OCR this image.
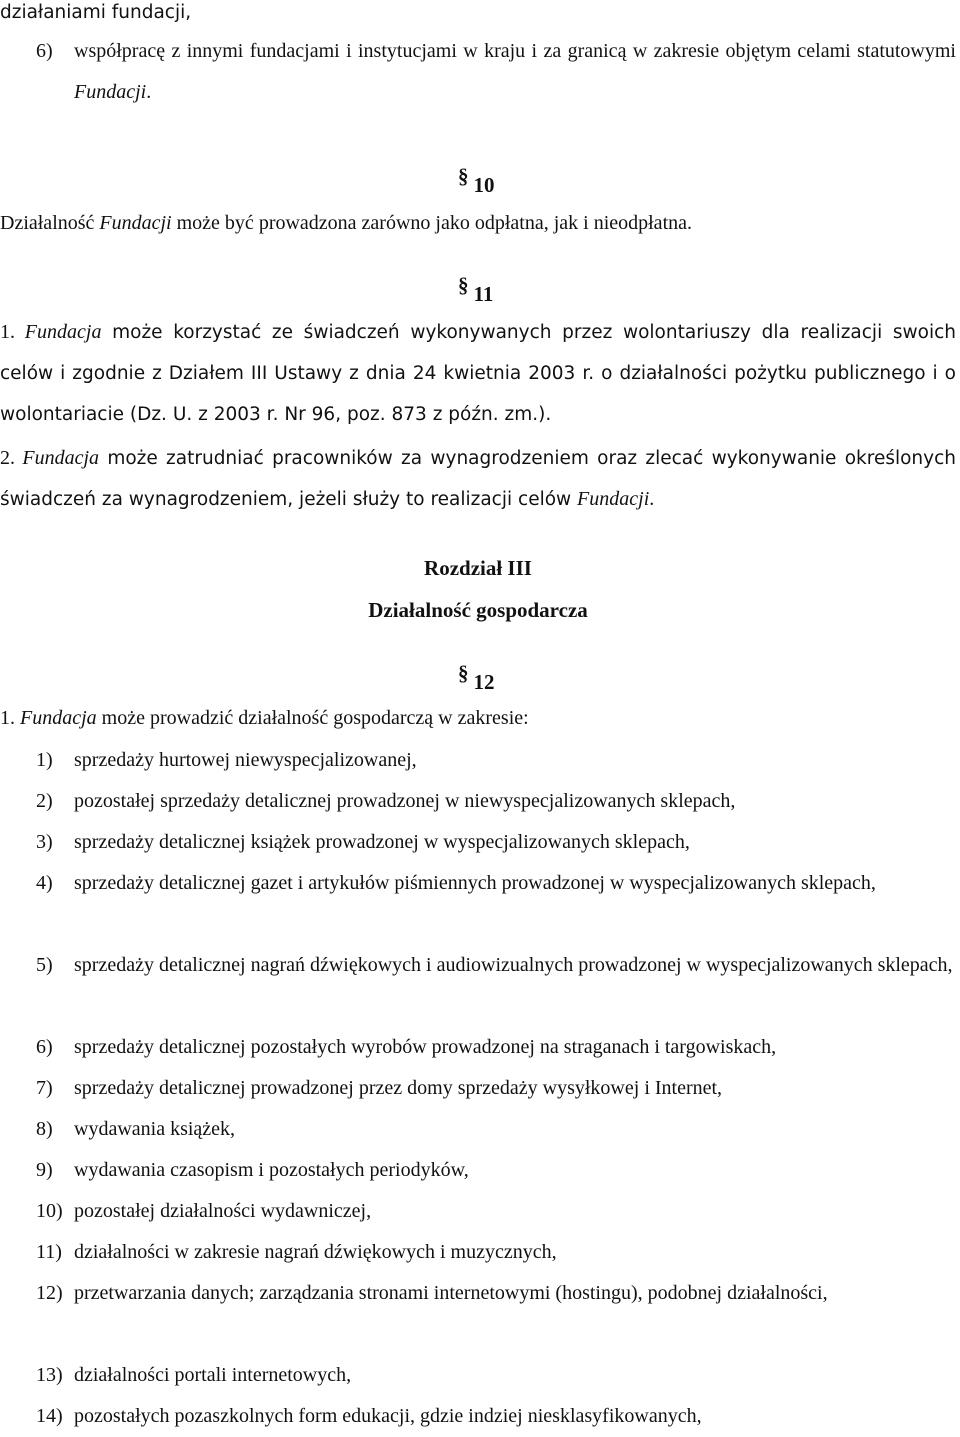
działaniami fundacji,
6) współpracę z innymi fundacjami i instytucjami w kraju i za granicą w zakresie objętym celami statutowymi Fundacji.
§ 10
Działalność Fundacji może być prowadzona zarówno jako odpłatna, jak i nieodpłatna.
§ 11
1. Fundacja może korzystać ze świadczeń wykonywanych przez wolontariuszy dla realizacji swoich celów i zgodnie z Działem III Ustawy z dnia 24 kwietnia 2003 r. o działalności pożytku publicznego i o wolontariacie (Dz. U. z 2003 r. Nr 96, poz. 873 z późn. zm.).
2. Fundacja może zatrudniać pracowników za wynagrodzeniem oraz zlecać wykonywanie określonych świadczeń za wynagrodzeniem, jeżeli służy to realizacji celów Fundacji.
Rozdział III
Działalność gospodarcza
§ 12
1. Fundacja może prowadzić działalność gospodarczą w zakresie:
1) sprzedaży hurtowej niewyspecjalizowanej,
2) pozostałej sprzedaży detalicznej prowadzonej w niewyspecjalizowanych sklepach,
3) sprzedaży detalicznej książek prowadzonej w wyspecjalizowanych sklepach,
4) sprzedaży detalicznej gazet i artykułów piśmiennych prowadzonej w wyspecjalizowanych sklepach,
5) sprzedaży detalicznej nagrań dźwiękowych i audiowizualnych prowadzonej w wyspecjalizowanych sklepach,
6) sprzedaży detalicznej pozostałych wyrobów prowadzonej na straganach i targowiskach,
7) sprzedaży detalicznej prowadzonej przez domy sprzedaży wysyłkowej i Internet,
8) wydawania książek,
9) wydawania czasopism i pozostałych periodyków,
10) pozostałej działalności wydawniczej,
11) działalności w zakresie nagrań dźwiękowych i muzycznych,
12) przetwarzania danych; zarządzania stronami internetowymi (hostingu), podobnej działalności,
13) działalności portali internetowych,
14) pozostałych pozaszkolnych form edukacji, gdzie indziej niesklasyfikowanych,
